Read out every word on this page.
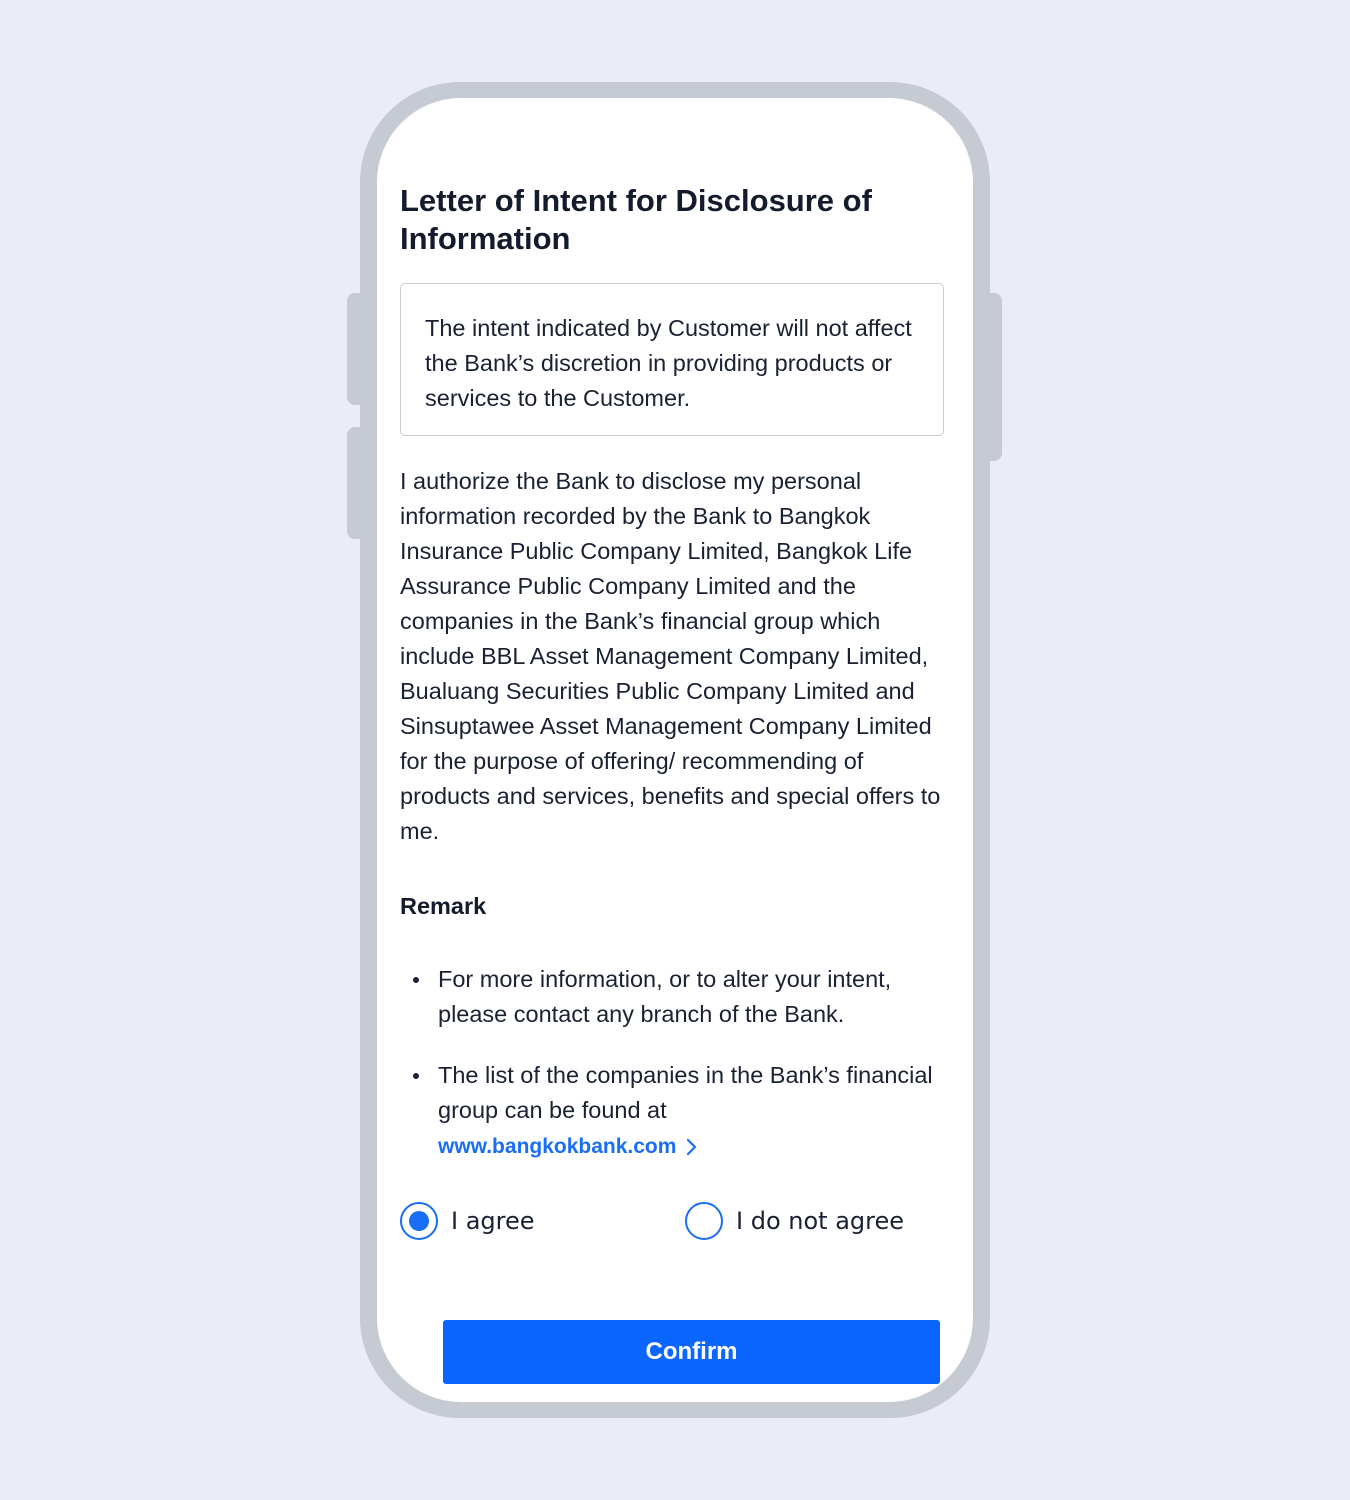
Letter of Intent for Disclosure of Information
The intent indicated by Customer will not affect the Bank’s discretion in providing products or services to the Customer.
I authorize the Bank to disclose my personal information recorded by the Bank to Bangkok Insurance Public Company Limited, Bangkok Life Assurance Public Company Limited and the companies in the Bank’s financial group which include BBL Asset Management Company Limited, Bualuang Securities Public Company Limited and Sinsuptawee Asset Management Company Limited for the purpose of offering/ recommending of products and services, benefits and special offers to me.
Remark
For more information, or to alter your intent, please contact any branch of the Bank.
The list of the companies in the Bank’s financial group can be found at

www.bangkokbank.com
I agree	I do not agree
Confirm
